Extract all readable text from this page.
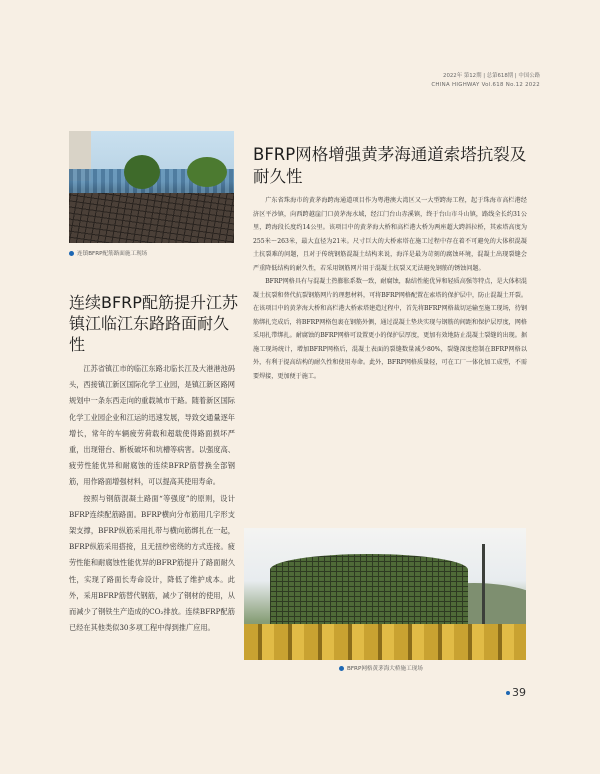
2022年 第12期 | 总第618期 | 中国公路
CHINA HIGHWAY Vol.618 No.12 2022
连镇BFRP配筋路面施工现场
连续BFRP配筋提升江苏镇江临江东路路面耐久性

江苏省镇江市的临江东路北临长江及大港港池码头，西接镇江新区国际化学工业园，是镇江新区路网规划中一条东西走向的重载城市干路。随着新区国际化学工业园企业和江运的迅速发展，导致交通量逐年增长，常年的车辆疲劳荷载和超载使得路面损坏严重，出现错台、断板破坏和坑槽等病害。以强度高、疲劳性能优异和耐腐蚀的连续BFRP筋替换全部钢筋，用作路面增强材料，可以提高其使用寿命。

按照与钢筋混凝土路面“等强度”的原则，设计BFRP连续配筋路面。BFRP横向分布筋用几字形支架支撑，BFRP纵筋采用扎带与横向筋绑扎在一起，BFRP纵筋采用搭接，且无扭纱密绕的方式连接。疲劳性能和耐腐蚀性能优异的BFRP筋提升了路面耐久性，实现了路面长寿命设计，降低了维护成本。此外，采用BFRP筋替代钢筋，减少了钢材的使用，从而减少了钢铁生产造成的CO₂排放。连续BFRP配筋已经在其他类似30多项工程中得到推广应用。

BFRP网格增强黄茅海通道索塔抗裂及耐久性

广东省珠海市的黄茅海跨海通道项目作为粤港澳大湾区又一大型跨海工程，起于珠海市高栏港经济区平沙镇，向西跨越崖门口黄茅海水域，经江门台山赤溪镇，终于台山市斗山镇，路线全长约31公里，跨海段长度约14公里。该项目中的黄茅海大桥和高栏港大桥为两座超大跨斜拉桥，其索塔高度为255米～263米，最大直径为21米。尺寸巨大的大桥索塔在施工过程中存在着不可避免的大体积混凝土抗裂难的问题，且对于传统钢筋混凝土结构来说，海洋是最为苛刻的腐蚀环境，混凝土出现裂缝会严重降低结构的耐久性，若采用钢筋网片用于混凝土抗裂又无法避免钢筋的锈蚀问题。

BFRP网格具有与混凝土热膨胀系数一致，耐腐蚀，黏结性能优异和轻质高强等特点，是大体积混凝土抗裂和替代抗裂钢筋网片的理想材料，可将BFRP网格配置在索塔的保护层中，防止混凝土开裂。在该项目中的黄茅海大桥和高栏港大桥索塔建造过程中，首先将BFRP网格裁切运输至施工现场，待钢筋绑扎完成后，将BFRP网格包裹在钢筋外侧，通过混凝土垫块实现与钢筋的间距和保护层厚度，网格采用扎带绑扎。耐腐蚀的BFRP网格可设置更小的保护层厚度，更加有效地防止混凝土裂缝的出现。据施工现场统计，增加BFRP网格后，混凝土表面的裂缝数量减少80%，裂缝深度控制在BFRP网格以外，有利于提高结构的耐久性和使用寿命。此外，BFRP网格质量轻，可在工厂一体化加工成型，不需要焊接，更加便于施工。

BFRP网格黄茅海大桥施工现场
39
